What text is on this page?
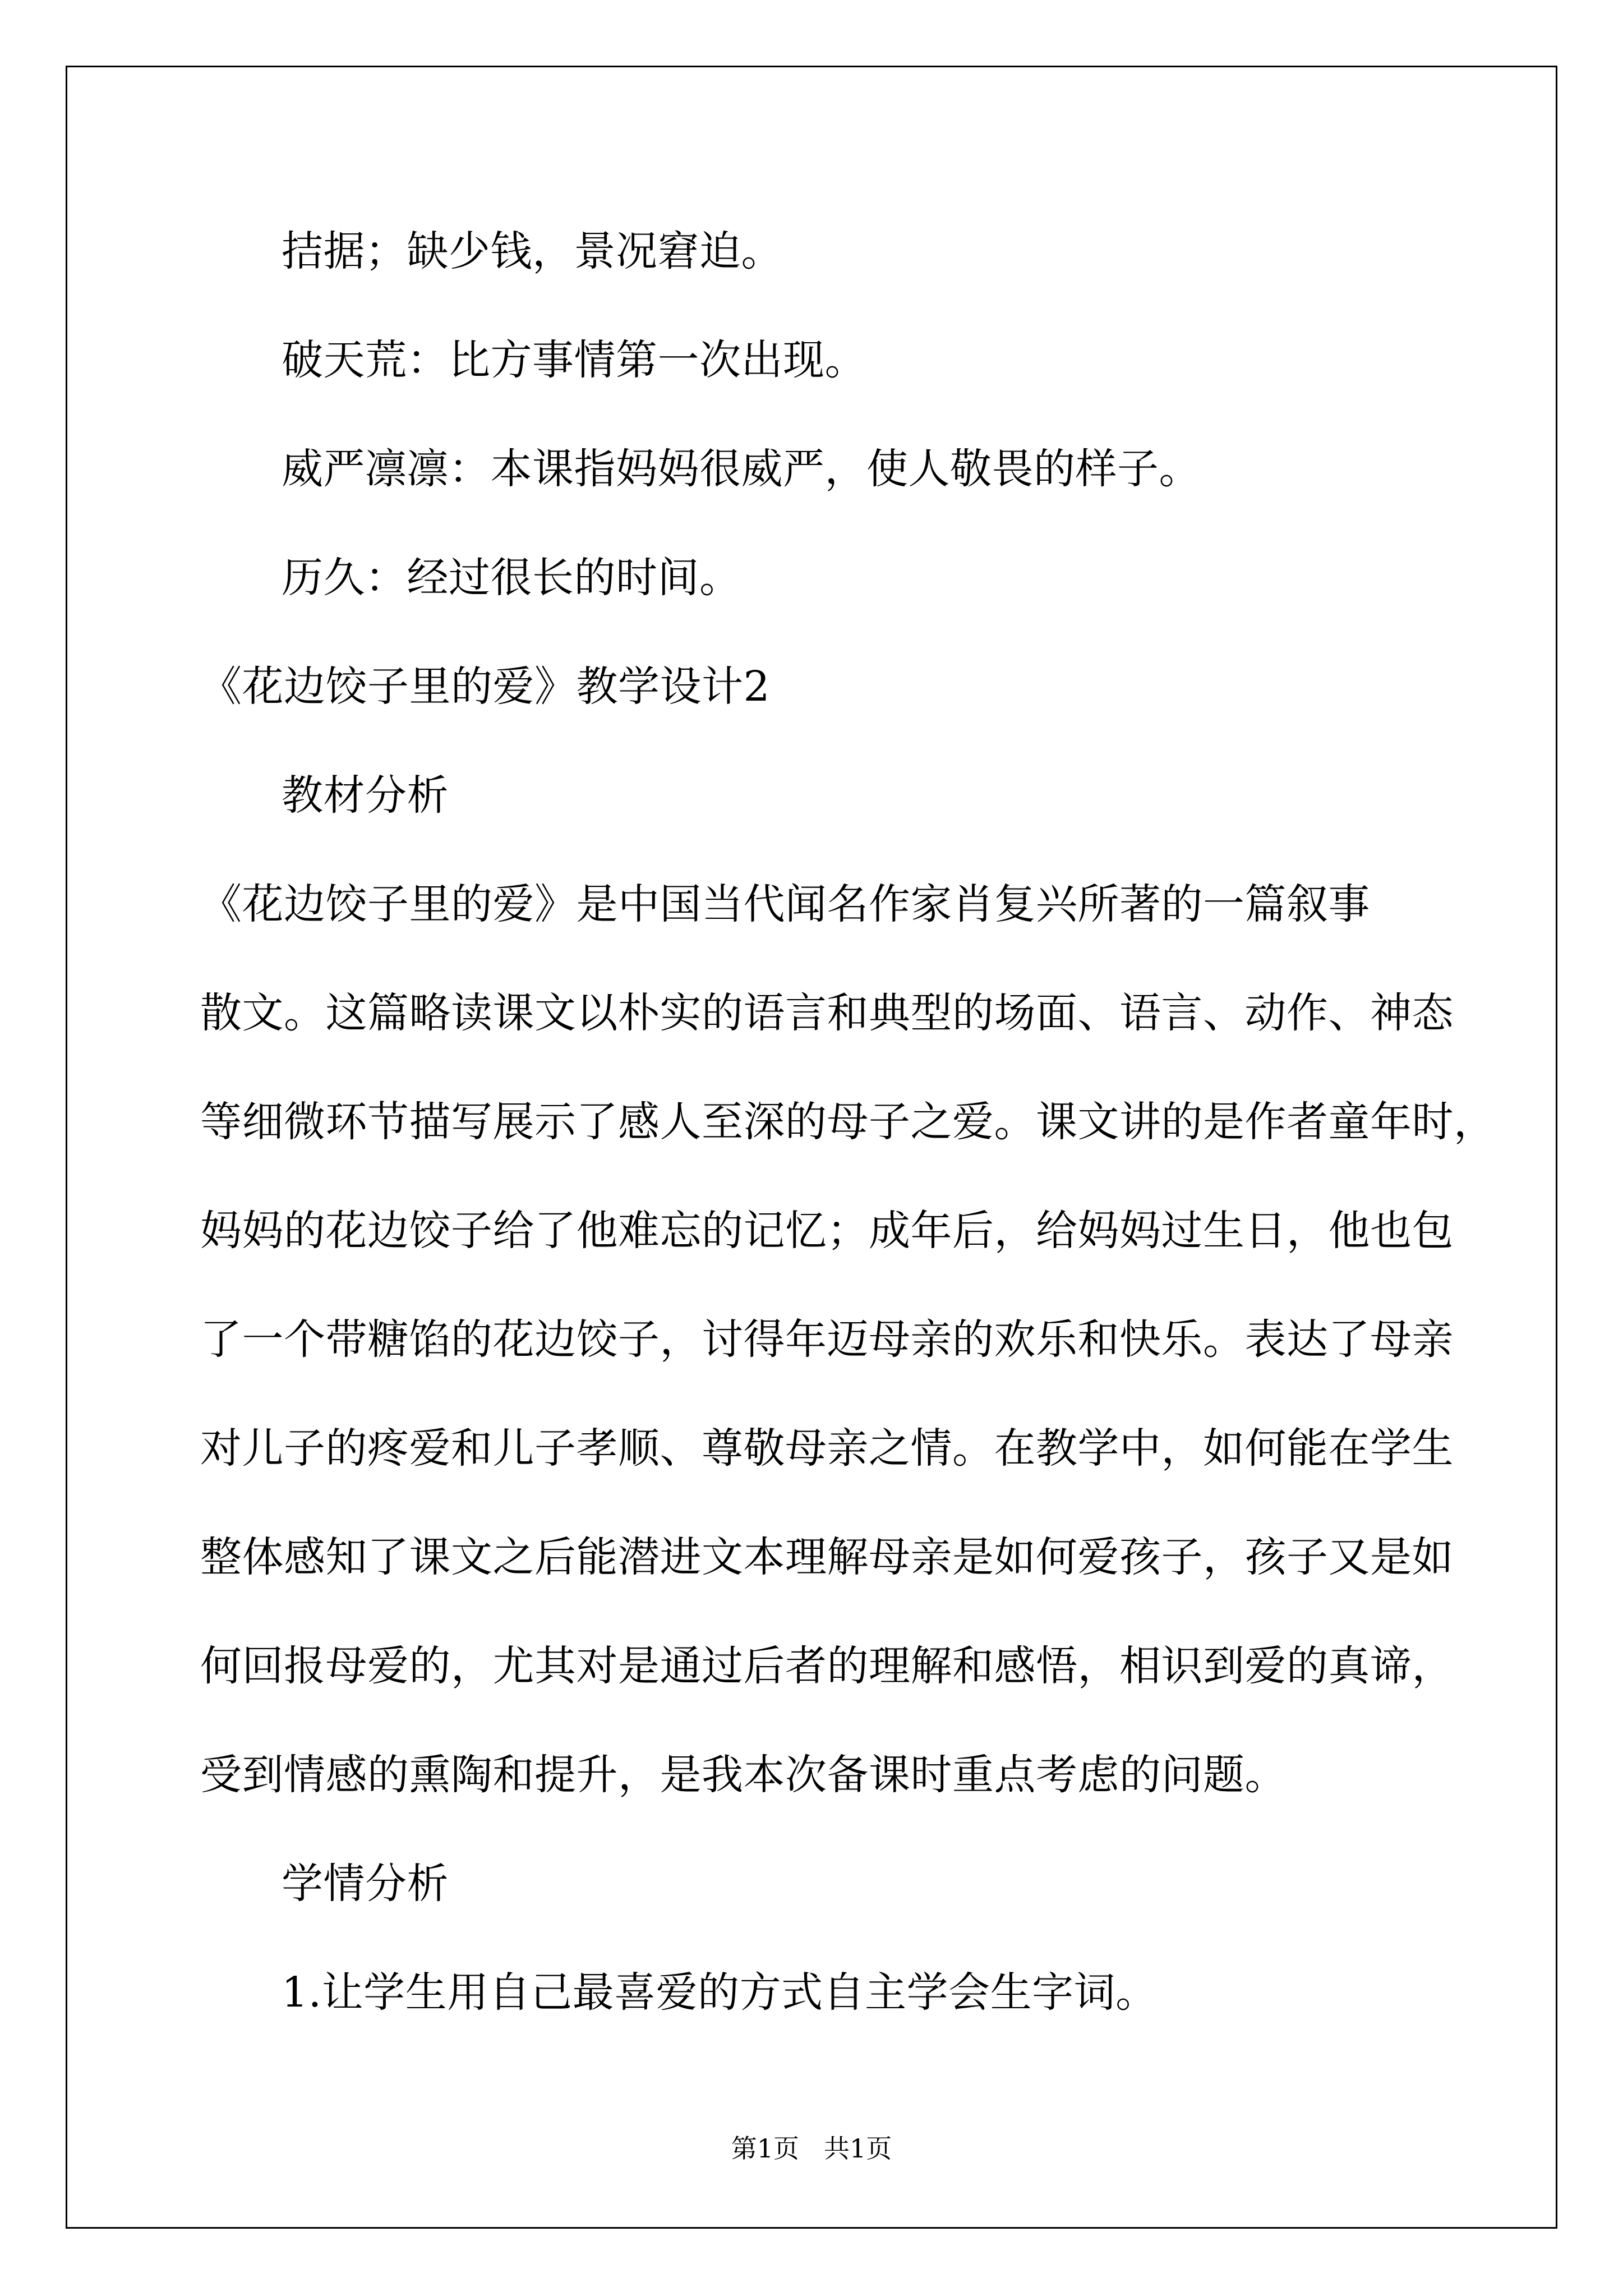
拮据；缺少钱，景况窘迫。
破天荒：比方事情第一次出现。
威严凛凛：本课指妈妈很威严，使人敬畏的样子。
历久：经过很长的时间。
《花边饺子里的爱》教学设计2
教材分析
《花边饺子里的爱》是中国当代闻名作家肖复兴所著的一篇叙事
散文。这篇略读课文以朴实的语言和典型的场面、语言、动作、神态
等细微环节描写展示了感人至深的母子之爱。课文讲的是作者童年时，
妈妈的花边饺子给了他难忘的记忆；成年后，给妈妈过生日，他也包
了一个带糖馅的花边饺子，讨得年迈母亲的欢乐和快乐。表达了母亲
对儿子的疼爱和儿子孝顺、尊敬母亲之情。在教学中，如何能在学生
整体感知了课文之后能潜进文本理解母亲是如何爱孩子，孩子又是如
何回报母爱的，尤其对是通过后者的理解和感悟，相识到爱的真谛，
受到情感的熏陶和提升，是我本次备课时重点考虑的问题。
学情分析
1.让学生用自己最喜爱的方式自主学会生字词。
第1页 共1页
